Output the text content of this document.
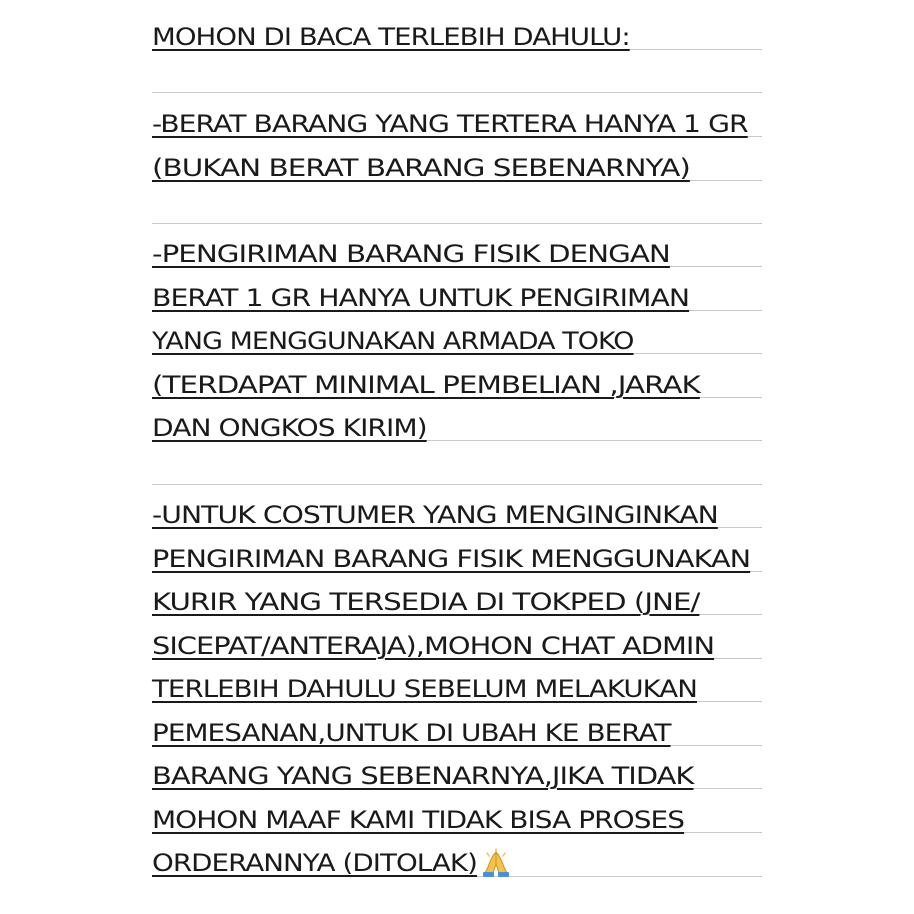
MOHON DI BACA TERLEBIH DAHULU:
-BERAT BARANG YANG TERTERA HANYA 1 GR
(BUKAN BERAT BARANG SEBENARNYA)
-PENGIRIMAN BARANG FISIK DENGAN
BERAT 1 GR HANYA UNTUK PENGIRIMAN
YANG MENGGUNAKAN ARMADA TOKO
(TERDAPAT MINIMAL PEMBELIAN ,JARAK
DAN ONGKOS KIRIM)
-UNTUK COSTUMER YANG MENGINGINKAN
PENGIRIMAN BARANG FISIK MENGGUNAKAN
KURIR YANG TERSEDIA DI TOKPED (JNE/
SICEPAT/ANTERAJA),MOHON CHAT ADMIN
TERLEBIH DAHULU SEBELUM MELAKUKAN
PEMESANAN,UNTUK DI UBAH KE BERAT
BARANG YANG SEBENARNYA,JIKA TIDAK
MOHON MAAF KAMI TIDAK BISA PROSES
ORDERANNYA (DITOLAK)
